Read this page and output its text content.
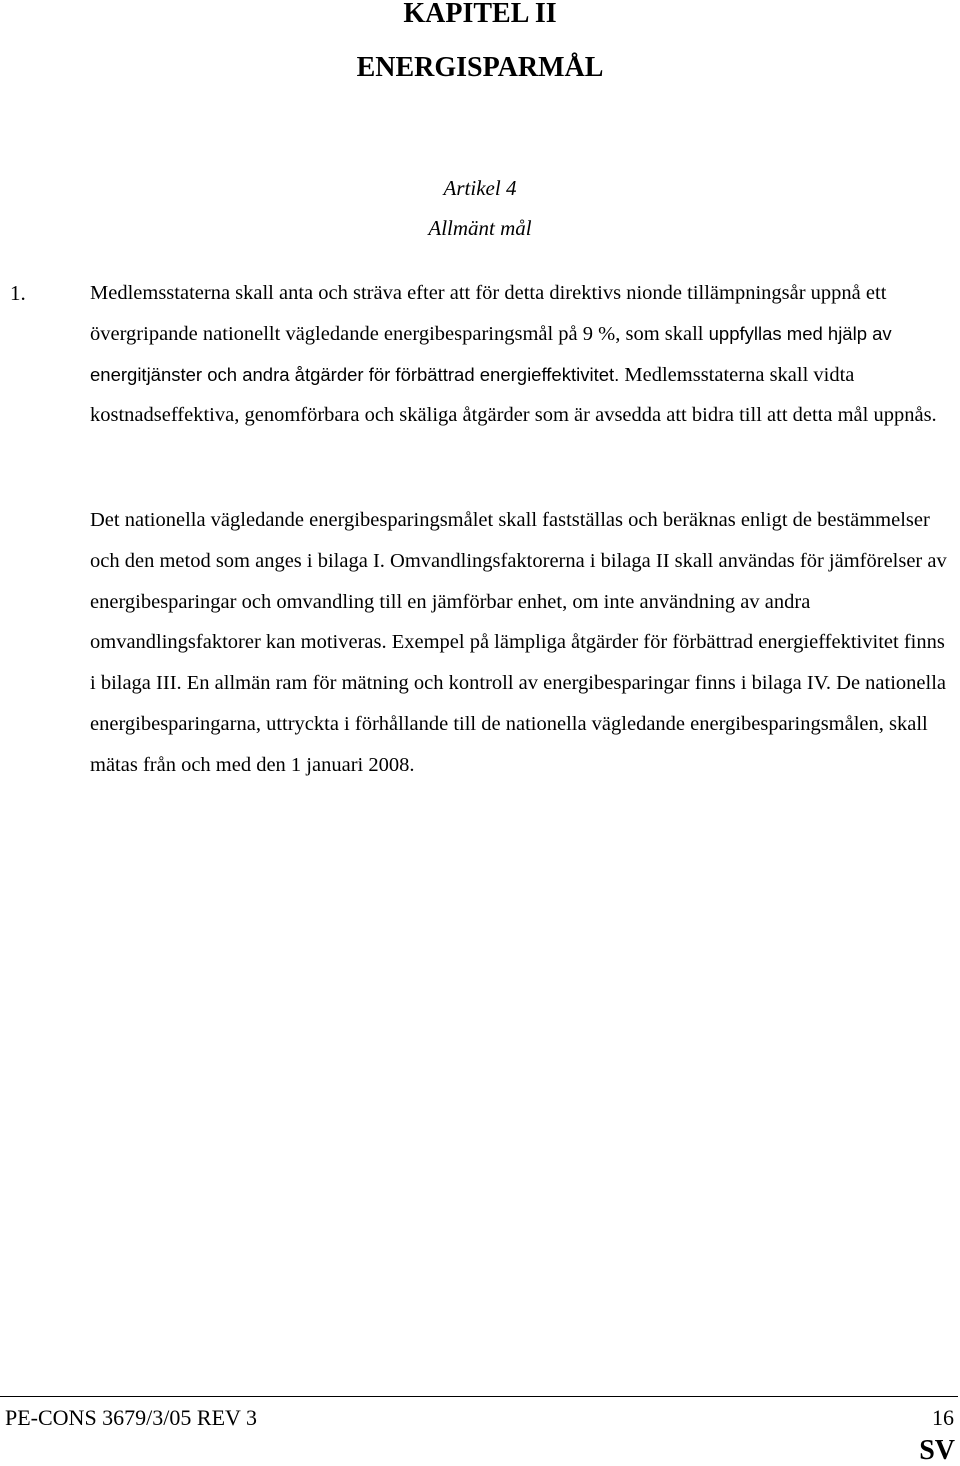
KAPITEL II
ENERGISPARMÅL
Artikel 4
Allmänt mål
1.	Medlemsstaterna skall anta och sträva efter att för detta direktivs nionde tillämpningsår uppnå ett övergripande nationellt vägledande energibesparingsmål på 9 %, som skall uppfyllas med hjälp av energitjänster och andra åtgärder för förbättrad energieffektivitet. Medlemsstaterna skall vidta kostnadseffektiva, genomförbara och skäliga åtgärder som är avsedda att bidra till att detta mål uppnås.

Det nationella vägledande energibesparingsmålet skall fastställas och beräknas enligt de bestämmelser och den metod som anges i bilaga I. Omvandlingsfaktorerna i bilaga II skall användas för jämförelser av energibesparingar och omvandling till en jämförbar enhet, om inte användning av andra omvandlingsfaktorer kan motiveras. Exempel på lämpliga åtgärder för förbättrad energieffektivitet finns i bilaga III. En allmän ram för mätning och kontroll av energibesparingar finns i bilaga IV. De nationella energibesparingarna, uttryckta i förhållande till de nationella vägledande energibesparingsmålen, skall mätas från och med den 1 januari 2008.

PE-CONS 3679/3/05 REV 3	16
SV
